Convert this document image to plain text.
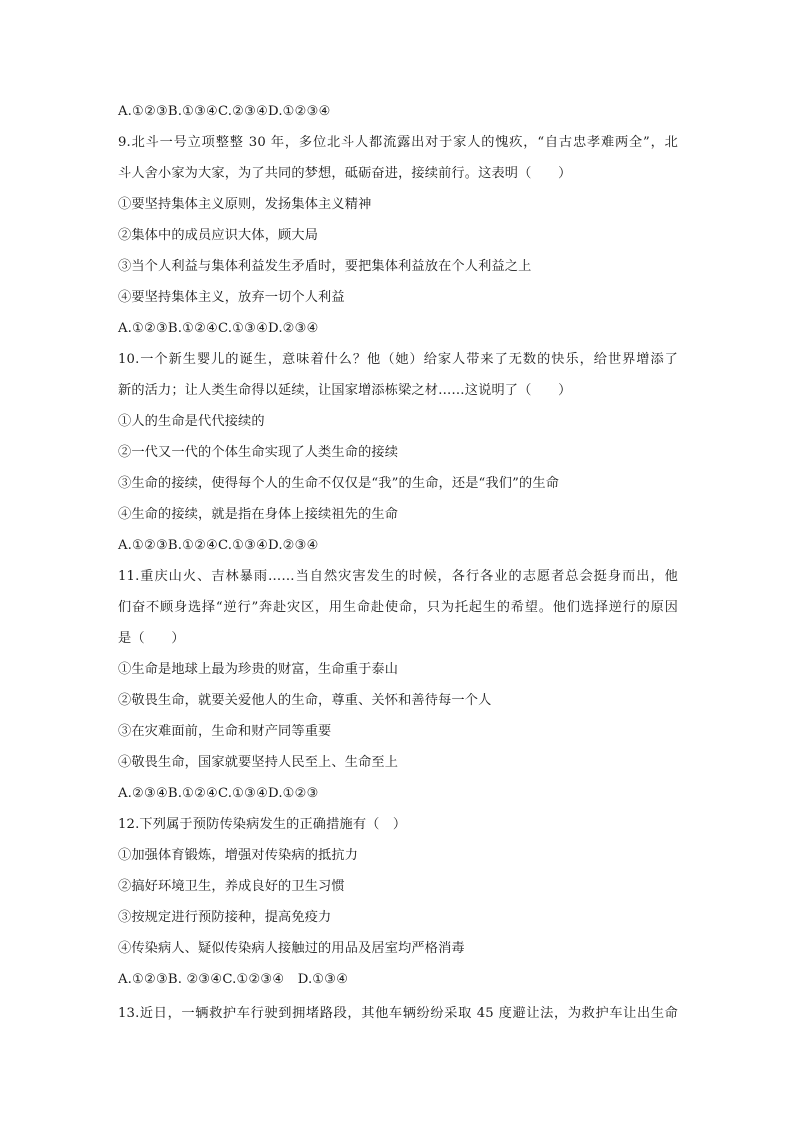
A.①②③B.①③④C.②③④D.①②③④
9.北斗一号立项整整 30 年，多位北斗人都流露出对于家人的愧疚，“自古忠孝难两全”，北
斗人舍小家为大家，为了共同的梦想，砥砺奋进，接续前行。这表明（　　）
①要坚持集体主义原则，发扬集体主义精神
②集体中的成员应识大体，顾大局
③当个人利益与集体利益发生矛盾时，要把集体利益放在个人利益之上
④要坚持集体主义，放弃一切个人利益
A.①②③B.①②④C.①③④D.②③④
10.一个新生婴儿的诞生，意味着什么？他（她）给家人带来了无数的快乐，给世界增添了
新的活力；让人类生命得以延续，让国家增添栋梁之材……这说明了（　　）
①人的生命是代代接续的
②一代又一代的个体生命实现了人类生命的接续
③生命的接续，使得每个人的生命不仅仅是“我”的生命，还是“我们”的生命
④生命的接续，就是指在身体上接续祖先的生命
A.①②③B.①②④C.①③④D.②③④
11.重庆山火、吉林暴雨……当自然灾害发生的时候，各行各业的志愿者总会挺身而出，他
们奋不顾身选择“逆行”奔赴灾区，用生命赴使命，只为托起生的希望。他们选择逆行的原因
是（　　）
①生命是地球上最为珍贵的财富，生命重于泰山
②敬畏生命，就要关爱他人的生命，尊重、关怀和善待每一个人
③在灾难面前，生命和财产同等重要
④敬畏生命，国家就要坚持人民至上、生命至上
A.②③④B.①②④C.①③④D.①②③
12.下列属于预防传染病发生的正确措施有（　）
①加强体育锻炼，增强对传染病的抵抗力
②搞好环境卫生，养成良好的卫生习惯
③按规定进行预防接种，提高免疫力
④传染病人、疑似传染病人接触过的用品及居室均严格消毒
A.①②③B. ②③④C.①②③④　D.①③④
13.近日，一辆救护车行驶到拥堵路段，其他车辆纷纷采取 45 度避让法，为救护车让出生命
